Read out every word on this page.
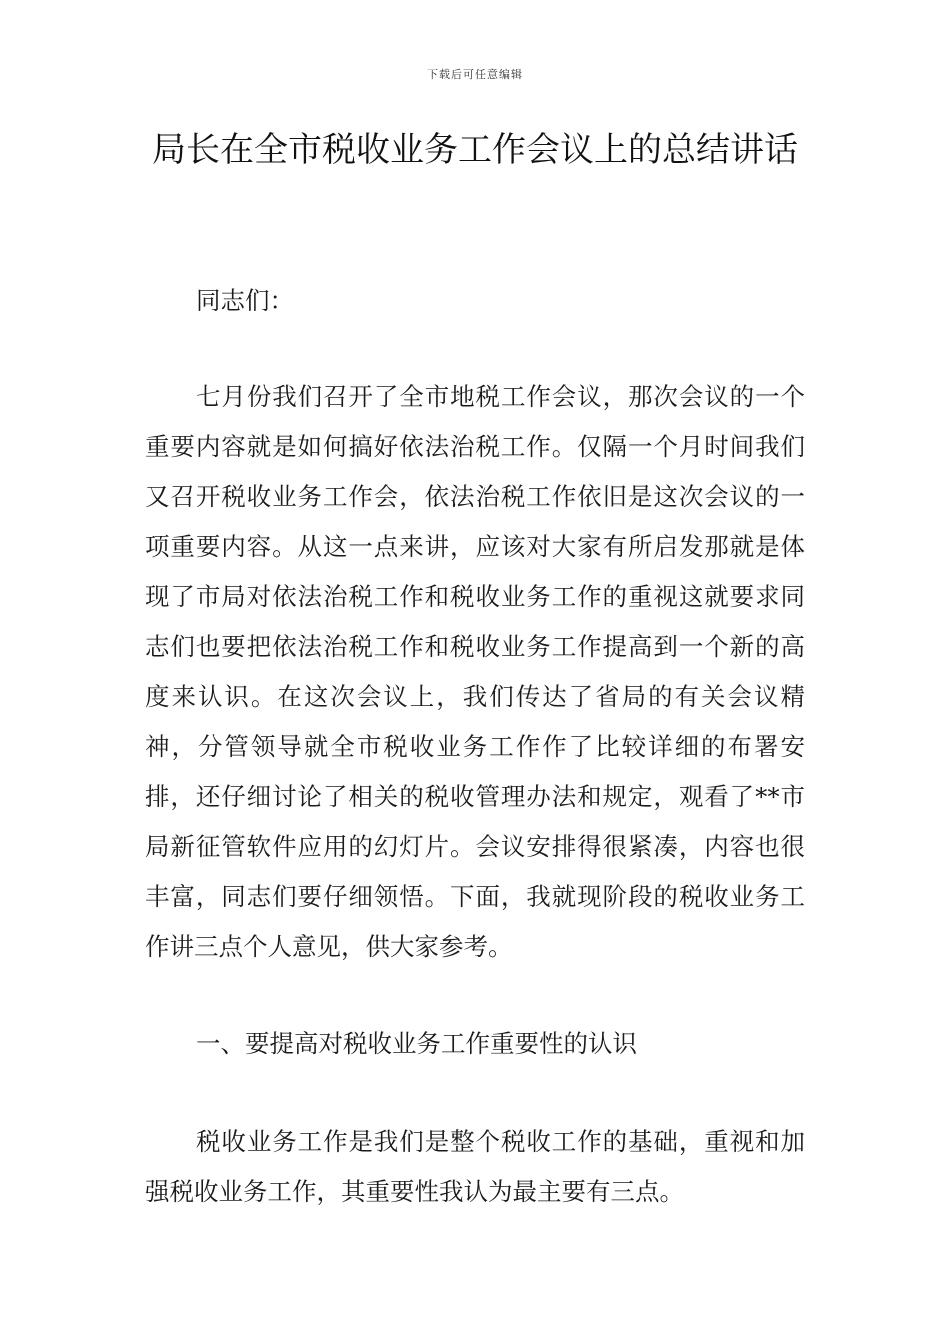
下载后可任意编辑
局长在全市税收业务工作会议上的总结讲话

同志们：

七月份我们召开了全市地税工作会议，那次会议的一个重要内容就是如何搞好依法治税工作。仅隔一个月时间我们又召开税收业务工作会，依法治税工作依旧是这次会议的一项重要内容。从这一点来讲，应该对大家有所启发那就是体现了市局对依法治税工作和税收业务工作的重视这就要求同志们也要把依法治税工作和税收业务工作提高到一个新的高度来认识。在这次会议上，我们传达了省局的有关会议精神，分管领导就全市税收业务工作作了比较详细的布署安排，还仔细讨论了相关的税收管理办法和规定，观看了**市局新征管软件应用的幻灯片。会议安排得很紧凑，内容也很丰富，同志们要仔细领悟。下面，我就现阶段的税收业务工作讲三点个人意见，供大家参考。

一、要提高对税收业务工作重要性的认识

税收业务工作是我们是整个税收工作的基础，重视和加强税收业务工作，其重要性我认为最主要有三点。
